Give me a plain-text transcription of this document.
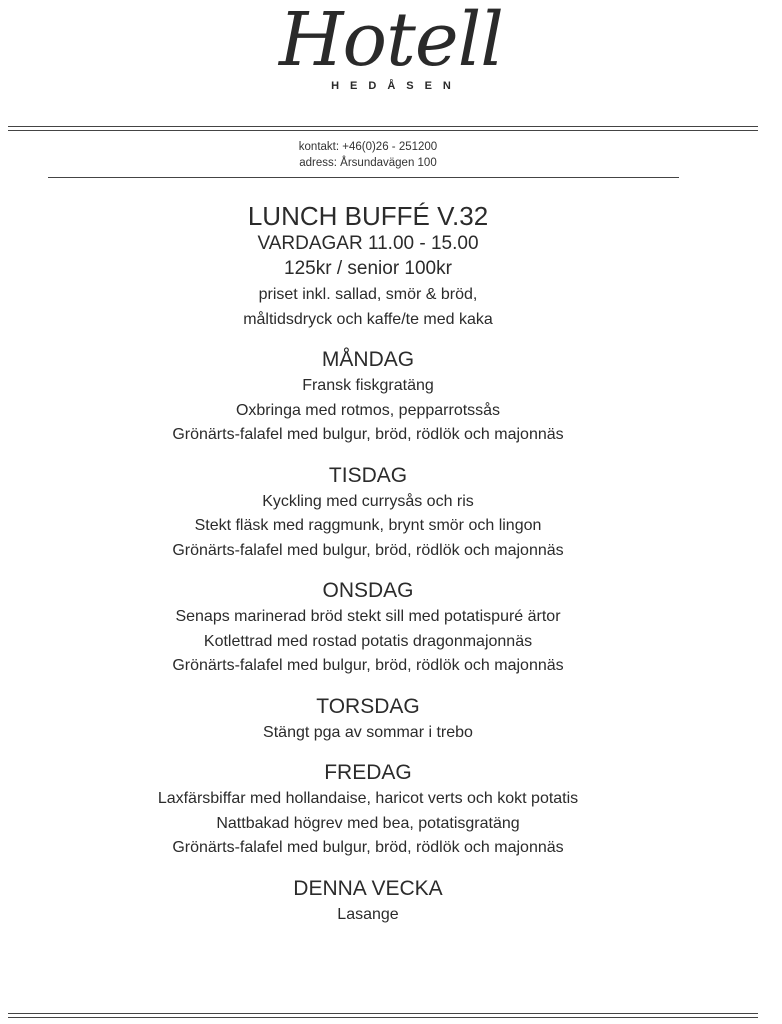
Hotell
HEDÅSEN
kontakt: +46(0)26 - 251200
adress: Årsundavägen 100
LUNCH BUFFÉ V.32
VARDAGAR 11.00 - 15.00
125kr / senior 100kr
priset inkl. sallad, smör & bröd,
måltidsdryck och kaffe/te med kaka
MÅNDAG
Fransk fiskgratäng
Oxbringa med rotmos, pepparrotssås
Grönärts-falafel med bulgur, bröd, rödlök och majonnäs
TISDAG
Kyckling med currysås och ris
Stekt fläsk med raggmunk, brynt smör och lingon
Grönärts-falafel med bulgur, bröd, rödlök och majonnäs
ONSDAG
Senaps marinerad bröd stekt sill med potatispuré ärtor
Kotlettrad med rostad potatis dragonmajonnäs
Grönärts-falafel med bulgur, bröd, rödlök och majonnäs
TORSDAG
Stängt pga av sommar i trebo
FREDAG
Laxfärsbiffar med hollandaise, haricot verts och kokt potatis
Nattbakad högrev med bea, potatisgratäng
Grönärts-falafel med bulgur, bröd, rödlök och majonnäs
DENNA VECKA
Lasange
